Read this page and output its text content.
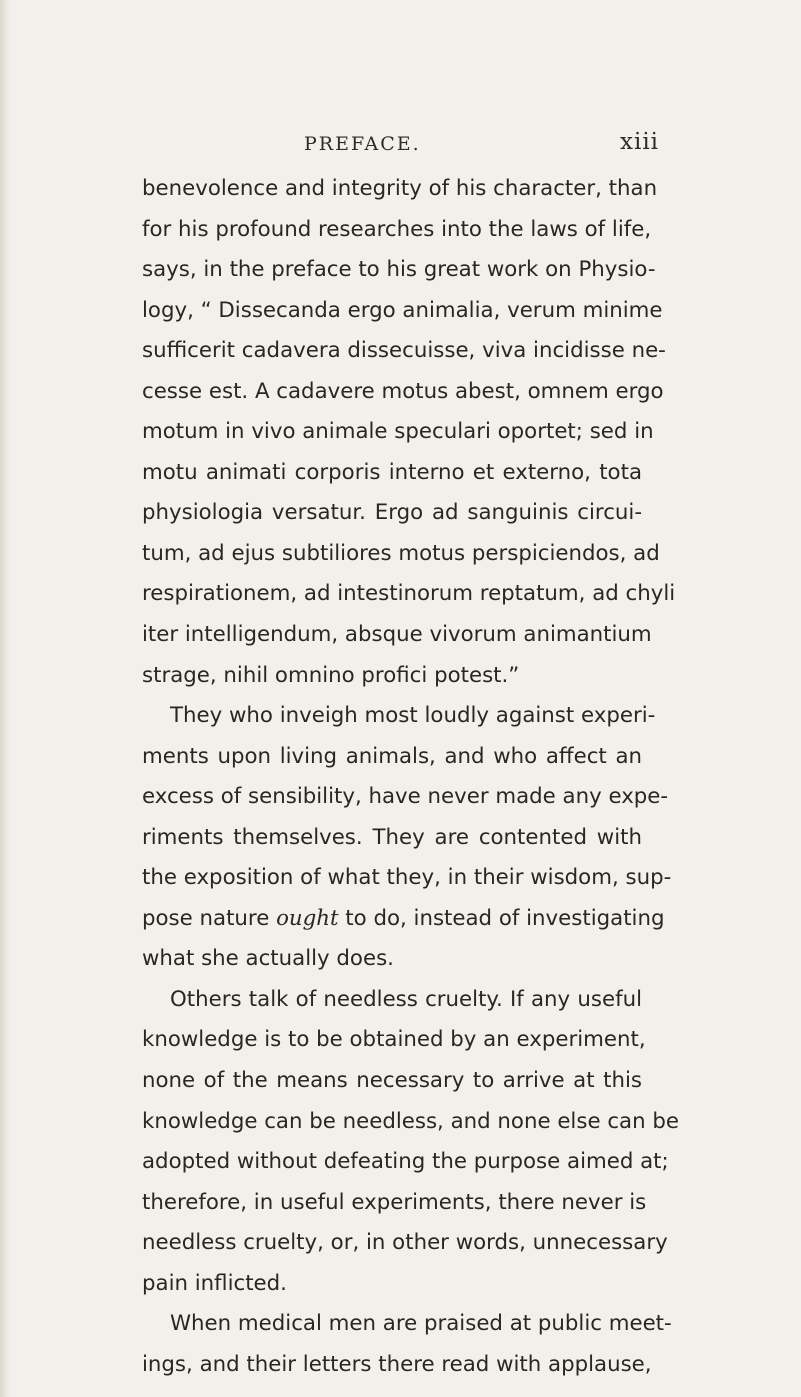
PREFACE.	xiii
benevolence and integrity of his character, than
for his profound researches into the laws of life,
says, in the preface to his great work on Physio-
logy, “ Dissecanda ergo animalia, verum minime
sufficerit cadavera dissecuisse, viva incidisse ne-
cesse est. A cadavere motus abest, omnem ergo
motum in vivo animale speculari oportet; sed in
motu animati corporis interno et externo, tota
physiologia versatur. Ergo ad sanguinis circui-
tum, ad ejus subtiliores motus perspiciendos, ad
respirationem, ad intestinorum reptatum, ad chyli
iter intelligendum, absque vivorum animantium
strage, nihil omnino profici potest.”
They who inveigh most loudly against experi-
ments upon living animals, and who affect an
excess of sensibility, have never made any expe-
riments themselves. They are contented with
the exposition of what they, in their wisdom, sup-
pose nature ought to do, instead of investigating
what she actually does.
Others talk of needless cruelty. If any useful
knowledge is to be obtained by an experiment,
none of the means necessary to arrive at this
knowledge can be needless, and none else can be
adopted without defeating the purpose aimed at;
therefore, in useful experiments, there never is
needless cruelty, or, in other words, unnecessary
pain inflicted.
When medical men are praised at public meet-
ings, and their letters there read with applause,
